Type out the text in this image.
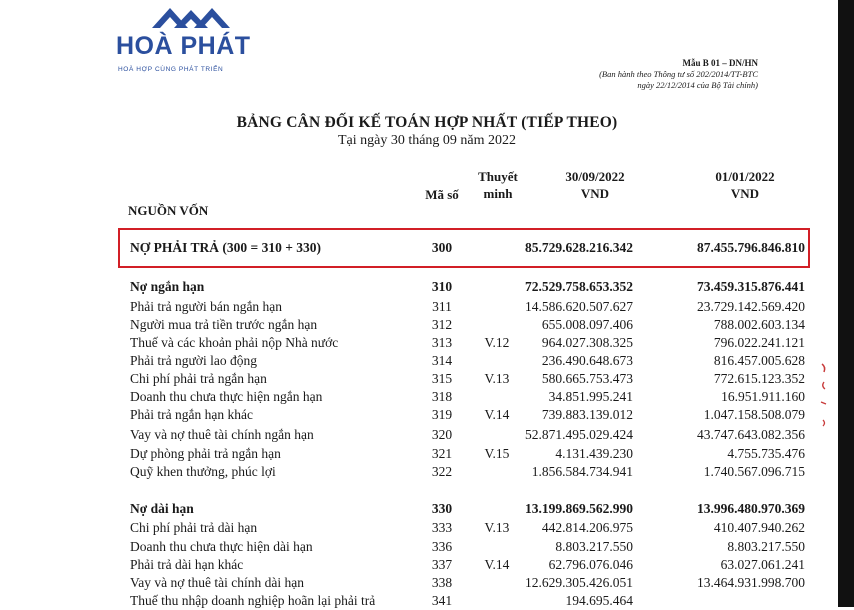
HOÀ PHÁT
HOÀ HỢP CÙNG PHÁT TRIỂN
Mẫu B 01 – DN/HN
(Ban hành theo Thông tư số 202/2014/TT-BTC
ngày 22/12/2014 của Bộ Tài chính)
BẢNG CÂN ĐỐI KẾ TOÁN HỢP NHẤT (TIẾP THEO)
Tại ngày 30 tháng 09 năm 2022
NGUỒN VỐN
Mã số
Thuyết
minh
30/09/2022
VND
01/01/2022
VND
NỢ PHẢI TRẢ (300 = 310 + 330)	300	85.729.628.216.342	87.455.796.846.810
Nợ ngắn hạn	310	72.529.758.653.352	73.459.315.876.441
Phải trả người bán ngắn hạn	311	14.586.620.507.627	23.729.142.569.420
Người mua trả tiền trước ngắn hạn	312	655.008.097.406	788.002.603.134
Thuế và các khoản phải nộp Nhà nước	313	V.12	964.027.308.325	796.022.241.121
Phải trả người lao động	314	236.490.648.673	816.457.005.628
Chi phí phải trả ngắn hạn	315	V.13	580.665.753.473	772.615.123.352
Doanh thu chưa thực hiện ngắn hạn	318	34.851.995.241	16.951.911.160
Phải trả ngắn hạn khác	319	V.14	739.883.139.012	1.047.158.508.079
Vay và nợ thuê tài chính ngắn hạn	320	52.871.495.029.424	43.747.643.082.356
Dự phòng phải trả ngắn hạn	321	V.15	4.131.439.230	4.755.735.476
Quỹ khen thưởng, phúc lợi	322	1.856.584.734.941	1.740.567.096.715
Nợ dài hạn	330	13.199.869.562.990	13.996.480.970.369
Chi phí phải trả dài hạn	333	V.13	442.814.206.975	410.407.940.262
Doanh thu chưa thực hiện dài hạn	336	8.803.217.550	8.803.217.550
Phải trả dài hạn khác	337	V.14	62.796.076.046	63.027.061.241
Vay và nợ thuê tài chính dài hạn	338	12.629.305.426.051	13.464.931.998.700
Thuế thu nhập doanh nghiệp hoãn lại phải trả	341	194.695.464
